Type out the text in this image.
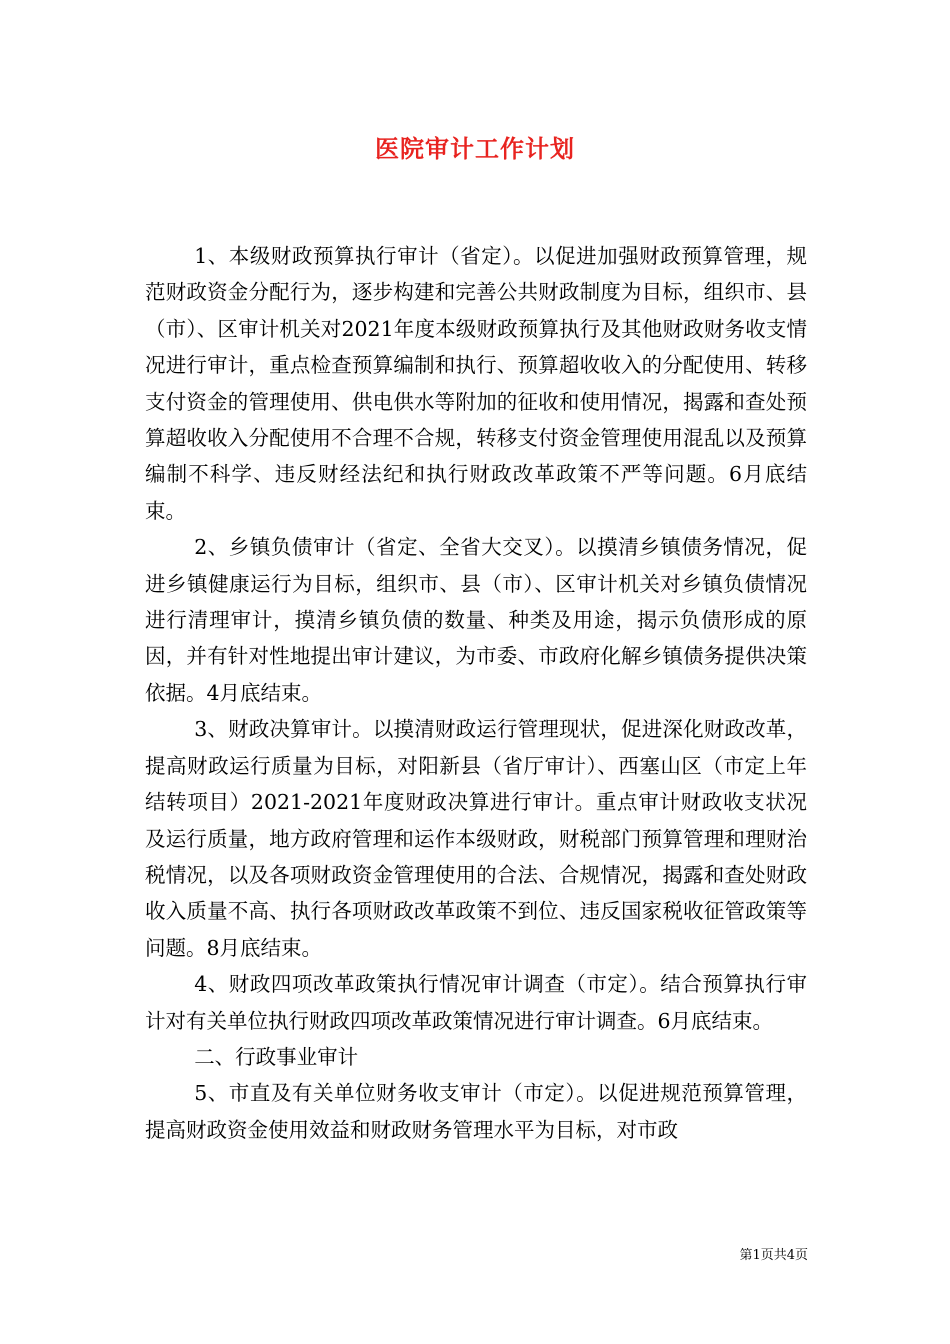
医院审计工作计划

1、本级财政预算执行审计（省定）。以促进加强财政预算管理，规范财政资金分配行为，逐步构建和完善公共财政制度为目标，组织市、县（市）、区审计机关对2021年度本级财政预算执行及其他财政财务收支情况进行审计，重点检查预算编制和执行、预算超收收入的分配使用、转移支付资金的管理使用、供电供水等附加的征收和使用情况，揭露和查处预算超收收入分配使用不合理不合规，转移支付资金管理使用混乱以及预算编制不科学、违反财经法纪和执行财政改革政策不严等问题。6月底结束。

2、乡镇负债审计（省定、全省大交叉）。以摸清乡镇债务情况，促进乡镇健康运行为目标，组织市、县（市）、区审计机关对乡镇负债情况进行清理审计，摸清乡镇负债的数量、种类及用途，揭示负债形成的原因，并有针对性地提出审计建议，为市委、市政府化解乡镇债务提供决策依据。4月底结束。

3、财政决算审计。以摸清财政运行管理现状，促进深化财政改革，提高财政运行质量为目标，对阳新县（省厅审计）、西塞山区（市定上年结转项目）2021-2021年度财政决算进行审计。重点审计财政收支状况及运行质量，地方政府管理和运作本级财政，财税部门预算管理和理财治税情况，以及各项财政资金管理使用的合法、合规情况，揭露和查处财政收入质量不高、执行各项财政改革政策不到位、违反国家税收征管政策等问题。8月底结束。

4、财政四项改革政策执行情况审计调查（市定）。结合预算执行审计对有关单位执行财政四项改革政策情况进行审计调查。6月底结束。

二、行政事业审计

5、市直及有关单位财务收支审计（市定）。以促进规范预算管理，提高财政资金使用效益和财政财务管理水平为目标，对市政

第1页共4页
